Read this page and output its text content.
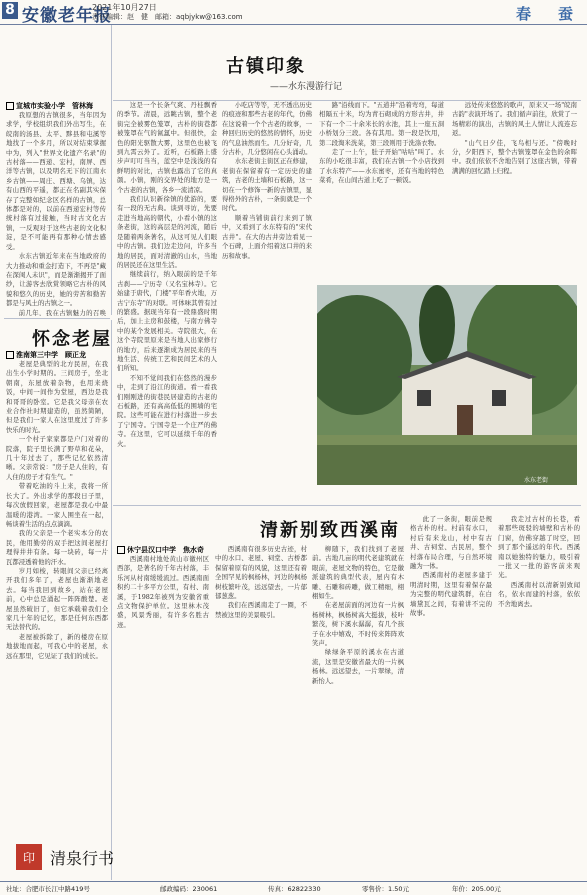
8 安徽老年报
2021年10月27日
责任编辑：赵　健　邮箱：aqbjykw@163.com	春　蚕
古镇印象
——水东漫游行记
宣城市实验小学　管林海

我原想的古镇很多，当年因为求学，学校组织我们外出写生，在皖南的汤县、太平、黟县和屯溪等地找了一个多月，所以对结束掌握中为，列入"世界文化遗产名录"的古村落——西递、宏村，南屏、西洋等古镇，以及明名无下的江南水乡古镇——周庄、西塘、乌镇，达有山西的平遥，都正在名副其实保存了完整如纪念区名样的古镇，总体都是对的，以前在西递宏村等传统村落有过接触，当时古文化古镇，一反观对于这些古老的文化积淀，是不可能再有那种心情去感受。

水东古镇近年来在当地政府的大力推动和重金打造下，不再是"藏在深闺人未识"，而是渐渐揭开了面纱，让游客去欣赏领略它古朴的风貌和悠久的历史，她的劳苦和勤苦都是与风土的古镇之一。

前几年，我在古镇魅力的召唤

这是一个长条气爽、丹桂飘香的季节。清晨，远眺古镇，整个老街完全被雾色笼罩，古朴的街巷都被笼罩在气的氤氲中。但很快，金色的阳光驱散大雾，这里色也被飞到九霄云外了。近听，石板路上盛步声叮叮当当，蓝空中是浅浅的有鲜明的对比，古镇也露出了它的真颜。小镇，刚的交界处的地方是一个古老的古镇，各乡一流清凉。

我们认识新徐镇的优游的，要有一段的无古典。谈到寻访，先要走进当地高的朝代，小看小镇的这条老街，这的高层是的河流，随后是随着两条著名，从这可见人们眼中的古镇。我们边走边问，许多当地的居民，面对清澈的山水，当地的居民还在这里生活。

继续前行，纳入眼前的是千年古刹——宁历寺（又名宝林寺）。它始建于唐代，门楼"平年香火地，万古宁东寺"的对联。可体味其曾有过的繁盛。据现当年有一段鼎盛时期后，加上主房和鼓楼，与南方佛寺中的某个发展相关。寺院很大，在这个寺院里原来是当地人出家修行的地方，后来逐渐成为居民来的当地生活、传统工艺和民间艺术的人们所知。

不知不觉间我们在悠然的漫步中，走到了沿江的街道。看一看我们刚刚进的街巷民居建造的古老的石板路，还有高高低低的围墙的宅院。这些可能在进行村落进一步去了宁国寺。宁国寺是一个庄严的佛寺。在这里，它可以延续千年的香火。

小吃店等等，无不透出历史的痕迹和那些古老的年代，仿佛在这说着一个个古老的故事，一种回归历史的悠然的情怀，历史的气息油然而生。几分好奇，几分古朴，几分悠闲在心头涌动。

水东老街主街区正在修建，老街在保留着有一定历史的建筑，古老的土墙和石板路，这一切在一个修饰一新的古镇里，显得格外的古朴，一条街就是一个时代。

顺着当铺街前行来到了镇中，又看到了水东特有的"宋代古井"。在大的古井旁边看见一个石碑，上面介绍着这口井的来历和故事。

路"沿线而下。"五道井"沿着弯弯，每道相隔五十米，均为青石砌成的方形古井，井下有一个二十余米长的水池，其上一座五洞小桥划分三段。各有其用。第一段是饮用，第二段淘米洗菜，第三段则用于洗涤衣物。

走了一上午，肚子开始"咕咕"叫了。水东的小吃很丰富，我们在古镇一个小店找到了水东特产——水东蜜枣，还有当地的特色菜肴，在山间古道上吃了一顿饭。

远处传来悠悠的歌声，原来又一场"皖南古韵"表演开场了。我们循声前往，欣赏了一场精彩的演出，古镇的风土人情让人流连忘返。

"山气日夕佳，飞鸟相与还。"傍晚时分，夕阳西下，整个古镇笼罩在金色的余晖中。我们依依不舍地告别了这座古镇，带着满满的回忆踏上归程。

水东老街
怀念老屋
淮南第三中学　顾正龙

老屋是典型的北方民居，在我出生小学时期的。三间房子，坐北朝南，东屋放着杂物，也用来烧饭，中间一间作为堂屋，西边是我和哥哥的卧室。它是我父母亲在农业合作社时期建造的，虽然简陋，但是我们一家人在这里度过了许多快乐的时光。

一个村子家家都是户门对着的院落，院子里长满了野草和花朵，几十年过去了，那些记忆依然清晰。父亲常说："房子是人住的，有人住的房子才有生气。"

带着吃油的斗上来，我将一所长大了。外出求学的那段日子里，每次放假回家，老屋都是我心中最温暖的港湾。一家人围坐在一起，畅谈着生活的点点滴滴。

我的父亲是一个老实本分的农民，他用勤劳的双手把这间老屋打理得井井有条。每一块砖，每一片瓦都浸透着他的汗水。

岁月如梭，转眼间父亲已经离开我们多年了，老屋也渐渐地老去。每当我回到故乡，站在老屋前，心中总是涌起一阵阵酸楚。老屋虽然破旧了，但它承载着我们全家几十年的记忆，那是任何东西都无法替代的。

老屋被拆除了，新的楼房在原地拔地而起，可我心中的老屋，永远在那里，它见证了我们的成长。

清新别致西溪南
休宁县汉口中学　焦水奇

西溪南村地处黄山市徽州区西部，是著名的千年古村落，丰乐河从村南缓缓流过。西溪南面积约二十多平方公里，有村、南溪，于1982年被列为安徽省重点文物保护单位。这里林木茂盛，风景秀丽，有许多名胜古迹。

西溪南有很多历史古迹，村中的水口、老屋、祠堂、古桥都保留着原有的风貌，这里还有着全国罕见的枫杨林，河边的枫杨树枝繁叶茂，远远望去，一片郁郁葱葱。

我们在西溪南走了一圈，不禁被这里的美景吸引。

柳随下，我们找到了老屋前。古地几亩的明代老建筑就在眼前，老屋文物的特色，它是徽派建筑的典型代表，屋内有木雕、石雕和砖雕，做工精细，栩栩如生。

在老屋前面的河边有一片枫杨树林，枫杨树高大挺拔，枝叶繁茂，树下溪水潺潺，有几个孩子在水中嬉戏，不时传来阵阵欢笑声。

绿绿条平原的溪水在古道流，这里是安徽省最大的一片枫杨林。远远望去，一片翠绿，清新怡人。

此了一条街，眼前是规格古朴的村。村前有水口，村后有来龙山，村中有古井、古祠堂、古民居，整个村落布局合理，与自然环境融为一体。

西溪南村的老屋多建于明清时期，这里有着保存最为完整的明代建筑群，在白墙黛瓦之间，有着讲不完的故事。

我走过古村的长巷，看着那些斑驳的墙壁和古朴的门窗，仿佛穿越了时空，回到了那个遥远的年代。西溪南以她独特的魅力，吸引着一批又一批的游客前来观光。

西溪南村以清新别致闻名，依水而建的村落，依依不舍地离去。

印 清泉行书
社址：合肥市长江中路419号	邮政编码：230061	传真：62822330	零售价：1.50元	年价：205.00元
